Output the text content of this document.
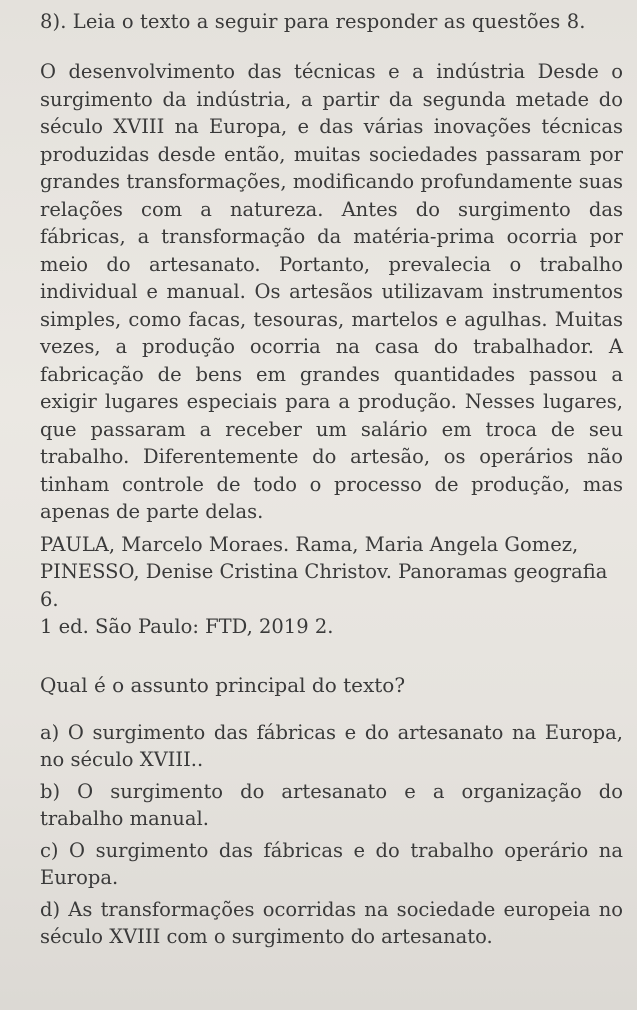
8). Leia o texto a seguir para responder as questões 8.

O desenvolvimento das técnicas e a indústria Desde o surgimento da indústria, a partir da segunda metade do século XVIII na Europa, e das várias inovações técnicas produzidas desde então, muitas sociedades passaram por grandes transformações, modificando profundamente suas relações com a natureza. Antes do surgimento das fábricas, a transformação da matéria-prima ocorria por meio do artesanato. Portanto, prevalecia o trabalho individual e manual. Os artesãos utilizavam instrumentos simples, como facas, tesouras, martelos e agulhas. Muitas vezes, a produção ocorria na casa do trabalhador. A fabricação de bens em grandes quantidades passou a exigir lugares especiais para a produção. Nesses lugares, que passaram a receber um salário em troca de seu trabalho. Diferentemente do artesão, os operários não tinham controle de todo o processo de produção, mas apenas de parte delas.

PAULA, Marcelo Moraes. Rama, Maria Angela Gomez,
PINESSO, Denise Cristina Christov. Panoramas geografia 6.
1 ed. São Paulo: FTD, 2019 2.
Qual é o assunto principal do texto?
a) O surgimento das fábricas e do artesanato na Europa, no século XVIII..
b) O surgimento do artesanato e a organização do trabalho manual.
c) O surgimento das fábricas e do trabalho operário na Europa.
d) As transformações ocorridas na sociedade europeia no século XVIII com o surgimento do artesanato.
